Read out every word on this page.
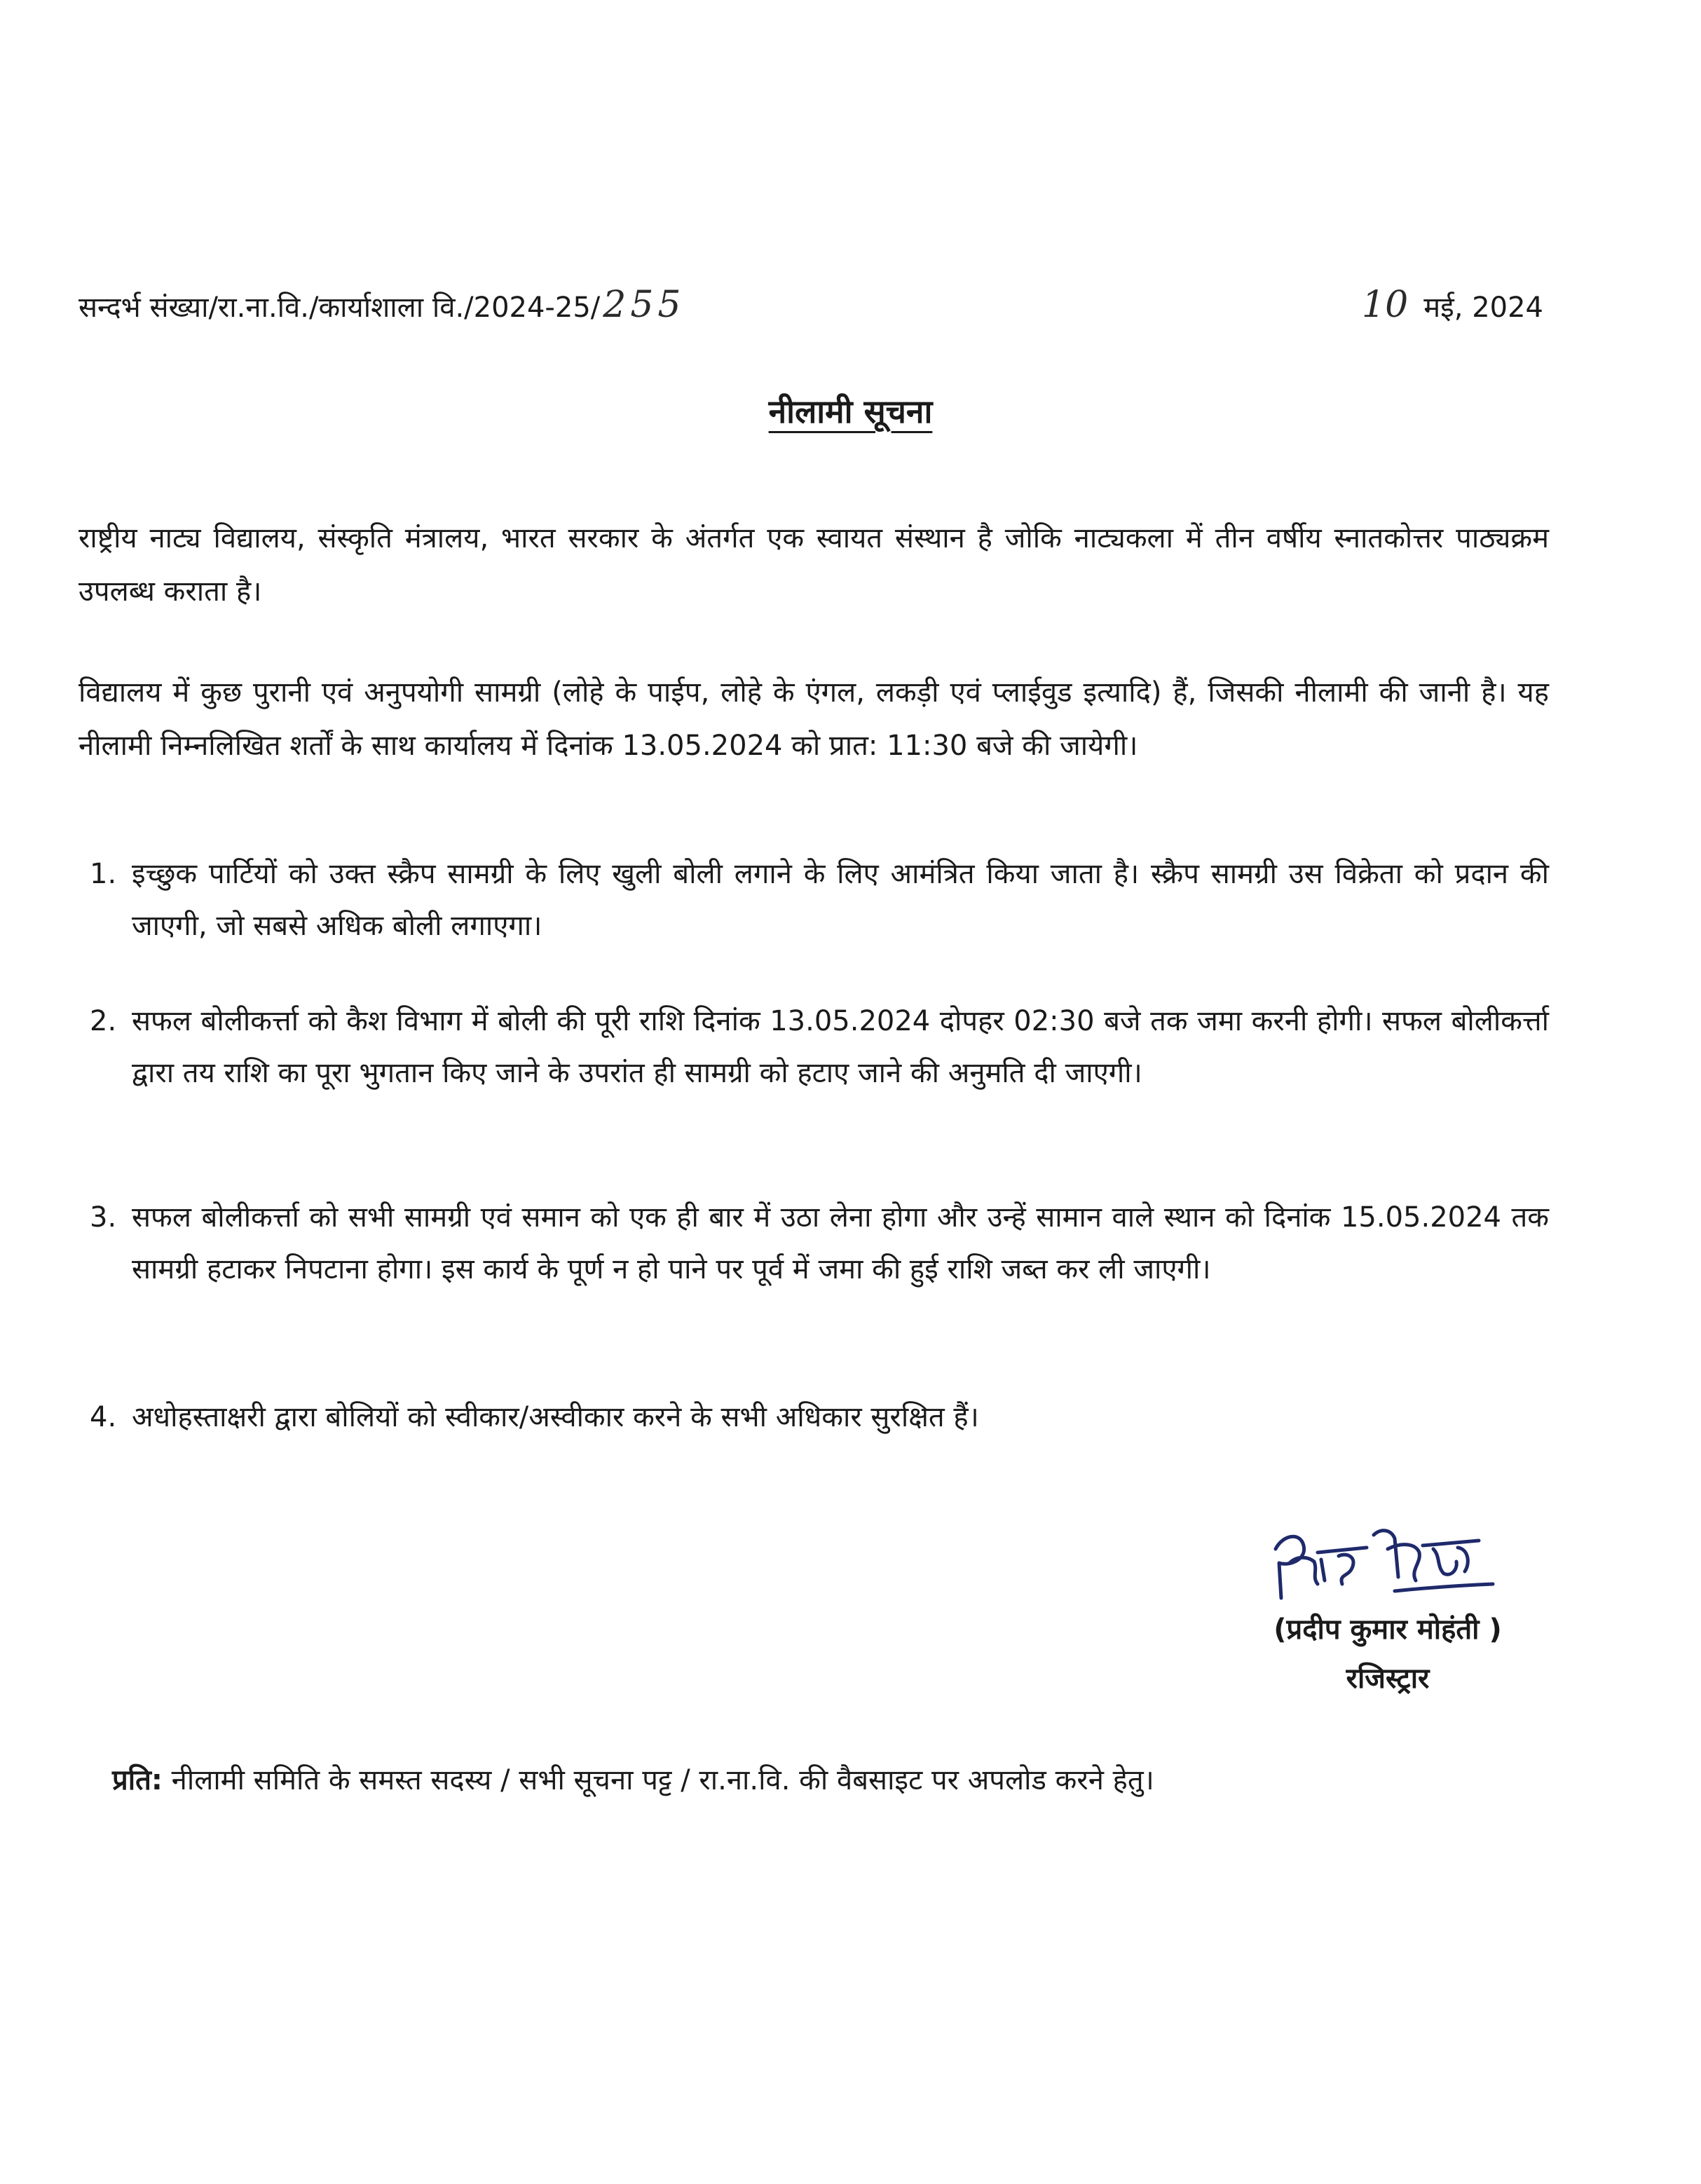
सन्दर्भ संख्या/रा.ना.वि./कार्याशाला वि./2024-25/255	10 मई, 2024
नीलामी सूचना

राष्ट्रीय नाट्य विद्यालय, संस्कृति मंत्रालय, भारत सरकार के अंतर्गत एक स्वायत संस्थान है जोकि नाट्यकला में तीन वर्षीय स्नातकोत्तर पाठ्यक्रम उपलब्ध कराता है।

विद्यालय में कुछ पुरानी एवं अनुपयोगी सामग्री (लोहे के पाईप, लोहे के एंगल, लकड़ी एवं प्लाईवुड इत्यादि) हैं, जिसकी नीलामी की जानी है। यह नीलामी निम्नलिखित शर्तों के साथ कार्यालय में दिनांक 13.05.2024 को प्रात: 11:30 बजे की जायेगी।

1. इच्छुक पार्टियों को उक्त स्क्रैप सामग्री के लिए खुली बोली लगाने के लिए आमंत्रित किया जाता है। स्क्रैप सामग्री उस विक्रेता को प्रदान की जाएगी, जो सबसे अधिक बोली लगाएगा।
2. सफल बोलीकर्त्ता को कैश विभाग में बोली की पूरी राशि दिनांक 13.05.2024 दोपहर 02:30 बजे तक जमा करनी होगी। सफल बोलीकर्त्ता द्वारा तय राशि का पूरा भुगतान किए जाने के उपरांत ही सामग्री को हटाए जाने की अनुमति दी जाएगी।
3. सफल बोलीकर्त्ता को सभी सामग्री एवं समान को एक ही बार में उठा लेना होगा और उन्हें सामान वाले स्थान को दिनांक 15.05.2024 तक सामग्री हटाकर निपटाना होगा। इस कार्य के पूर्ण न हो पाने पर पूर्व में जमा की हुई राशि जब्त कर ली जाएगी।
4. अधोहस्ताक्षरी द्वारा बोलियों को स्वीकार/अस्वीकार करने के सभी अधिकार सुरक्षित हैं।
(प्रदीप कुमार मोहंती )
रजिस्ट्रार
प्रति: नीलामी समिति के समस्त सदस्य / सभी सूचना पट्ट / रा.ना.वि. की वैबसाइट पर अपलोड करने हेतु।
